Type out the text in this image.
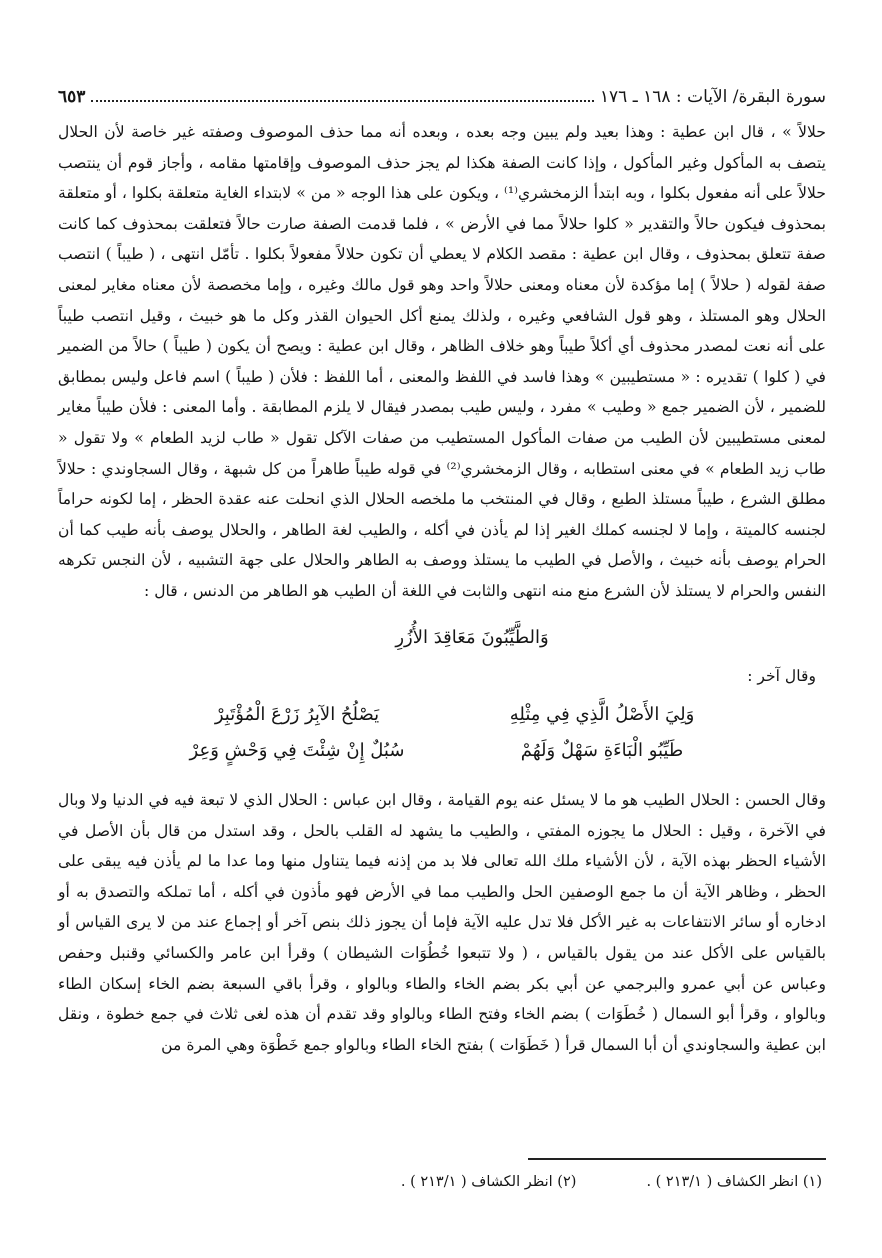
سورة البقرة/ الآيات : ١٦٨ ـ ١٧٦
٦٥٣

حلالاً » ، قال ابن عطية : وهذا بعيد ولم يبين وجه بعده ، وبعده أنه مما حذف الموصوف وصفته غير خاصة لأن الحلال يتصف به المأكول وغير المأكول ، وإذا كانت الصفة هكذا لم يجز حذف الموصوف وإقامتها مقامه ، وأجاز قوم أن ينتصب حلالاً على أنه مفعول بكلوا ، وبه ابتدأ الزمخشري⁽¹⁾ ، ويكون على هذا الوجه « من » لابتداء الغاية متعلقة بكلوا ، أو متعلقة بمحذوف فيكون حالاً والتقدير « كلوا حلالاً مما في الأرض » ، فلما قدمت الصفة صارت حالاً فتعلقت بمحذوف كما كانت صفة تتعلق بمحذوف ، وقال ابن عطية : مقصد الكلام لا يعطي أن تكون حلالاً مفعولاً بكلوا . تأمّل انتهى ، ( طيباً ) انتصب صفة لقوله ( حلالاً ) إما مؤكدة لأن معناه ومعنى حلالاً واحد وهو قول مالك وغيره ، وإما مخصصة لأن معناه مغاير لمعنى الحلال وهو المستلذ ، وهو قول الشافعي وغيره ، ولذلك يمنع أكل الحيوان القذر وكل ما هو خبيث ، وقيل انتصب طيباً على أنه نعت لمصدر محذوف أي أكلاً طيباً وهو خلاف الظاهر ، وقال ابن عطية : ويصح أن يكون ( طيباً ) حالاً من الضمير في ( كلوا ) تقديره : « مستطيبين » وهذا فاسد في اللفظ والمعنى ، أما اللفظ : فلأن ( طيباً ) اسم فاعل وليس بمطابق للضمير ، لأن الضمير جمع « وطيب » مفرد ، وليس طيب بمصدر فيقال لا يلزم المطابقة . وأما المعنى : فلأن طيباً مغاير لمعنى مستطيبين لأن الطيب من صفات المأكول المستطيب من صفات الآكل تقول « طاب لزيد الطعام » ولا تقول « طاب زيد الطعام » في معنى استطابه ، وقال الزمخشري⁽²⁾ في قوله طيباً طاهراً من كل شبهة ، وقال السجاوندي : حلالاً مطلق الشرع ، طيباً مستلذ الطبع ، وقال في المنتخب ما ملخصه الحلال الذي انحلت عنه عقدة الحظر ، إما لكونه حراماً لجنسه كالميتة ، وإما لا لجنسه كملك الغير إذا لم يأذن في أكله ، والطيب لغة الطاهر ، والحلال يوصف بأنه طيب كما أن الحرام يوصف بأنه خبيث ، والأصل في الطيب ما يستلذ ووصف به الطاهر والحلال على جهة التشبيه ، لأن النجس تكرهه النفس والحرام لا يستلذ لأن الشرع منع منه انتهى والثابت في اللغة أن الطيب هو الطاهر من الدنس ، قال :

وَالطَّيِّبُونَ مَعَاقِدَ الأُزُرِ
وقال آخر :
وَلِيَ الأَصْلُ الَّذِي فِي مِثْلِهِ
يَصْلُحُ الآبِرُ زَرْعَ الْمُؤْتَبِرْ
طَيِّبُو الْبَاءَةِ سَهْلٌ وَلَهُمْ
سُبُلٌ إِنْ شِئْتَ فِي وَحْشٍ وَعِرْ

وقال الحسن : الحلال الطيب هو ما لا يسئل عنه يوم القيامة ، وقال ابن عباس : الحلال الذي لا تبعة فيه في الدنيا ولا وبال في الآخرة ، وقيل : الحلال ما يجوزه المفتي ، والطيب ما يشهد له القلب بالحل ، وقد استدل من قال بأن الأصل في الأشياء الحظر بهذه الآية ، لأن الأشياء ملك الله تعالى فلا بد من إذنه فيما يتناول منها وما عدا ما لم يأذن فيه يبقى على الحظر ، وظاهر الآية أن ما جمع الوصفين الحل والطيب مما في الأرض فهو مأذون في أكله ، أما تملكه والتصدق به أو ادخاره أو سائر الانتفاعات به غير الأكل فلا تدل عليه الآية فإما أن يجوز ذلك بنص آخر أو إجماع عند من لا يرى القياس أو بالقياس على الأكل عند من يقول بالقياس ، ( ولا تتبعوا خُطُوَات الشيطان ) وقرأ ابن عامر والكسائي وقنبل وحفص وعباس عن أبي عمرو والبرجمي عن أبي بكر بضم الخاء والطاء وبالواو ، وقرأ باقي السبعة بضم الخاء إسكان الطاء وبالواو ، وقرأ أبو السمال ( خُطَوَات ) بضم الخاء وفتح الطاء وبالواو وقد تقدم أن هذه لغى ثلاث في جمع خطوة ، ونقل ابن عطية والسجاوندي أن أبا السمال قرأ ( خَطَوَات ) بفتح الخاء الطاء وبالواو جمع خَطْوَة وهي المرة من

(١) انظر الكشاف ( ٢١٣/١ ) .
(٢) انظر الكشاف ( ٢١٣/١ ) .
